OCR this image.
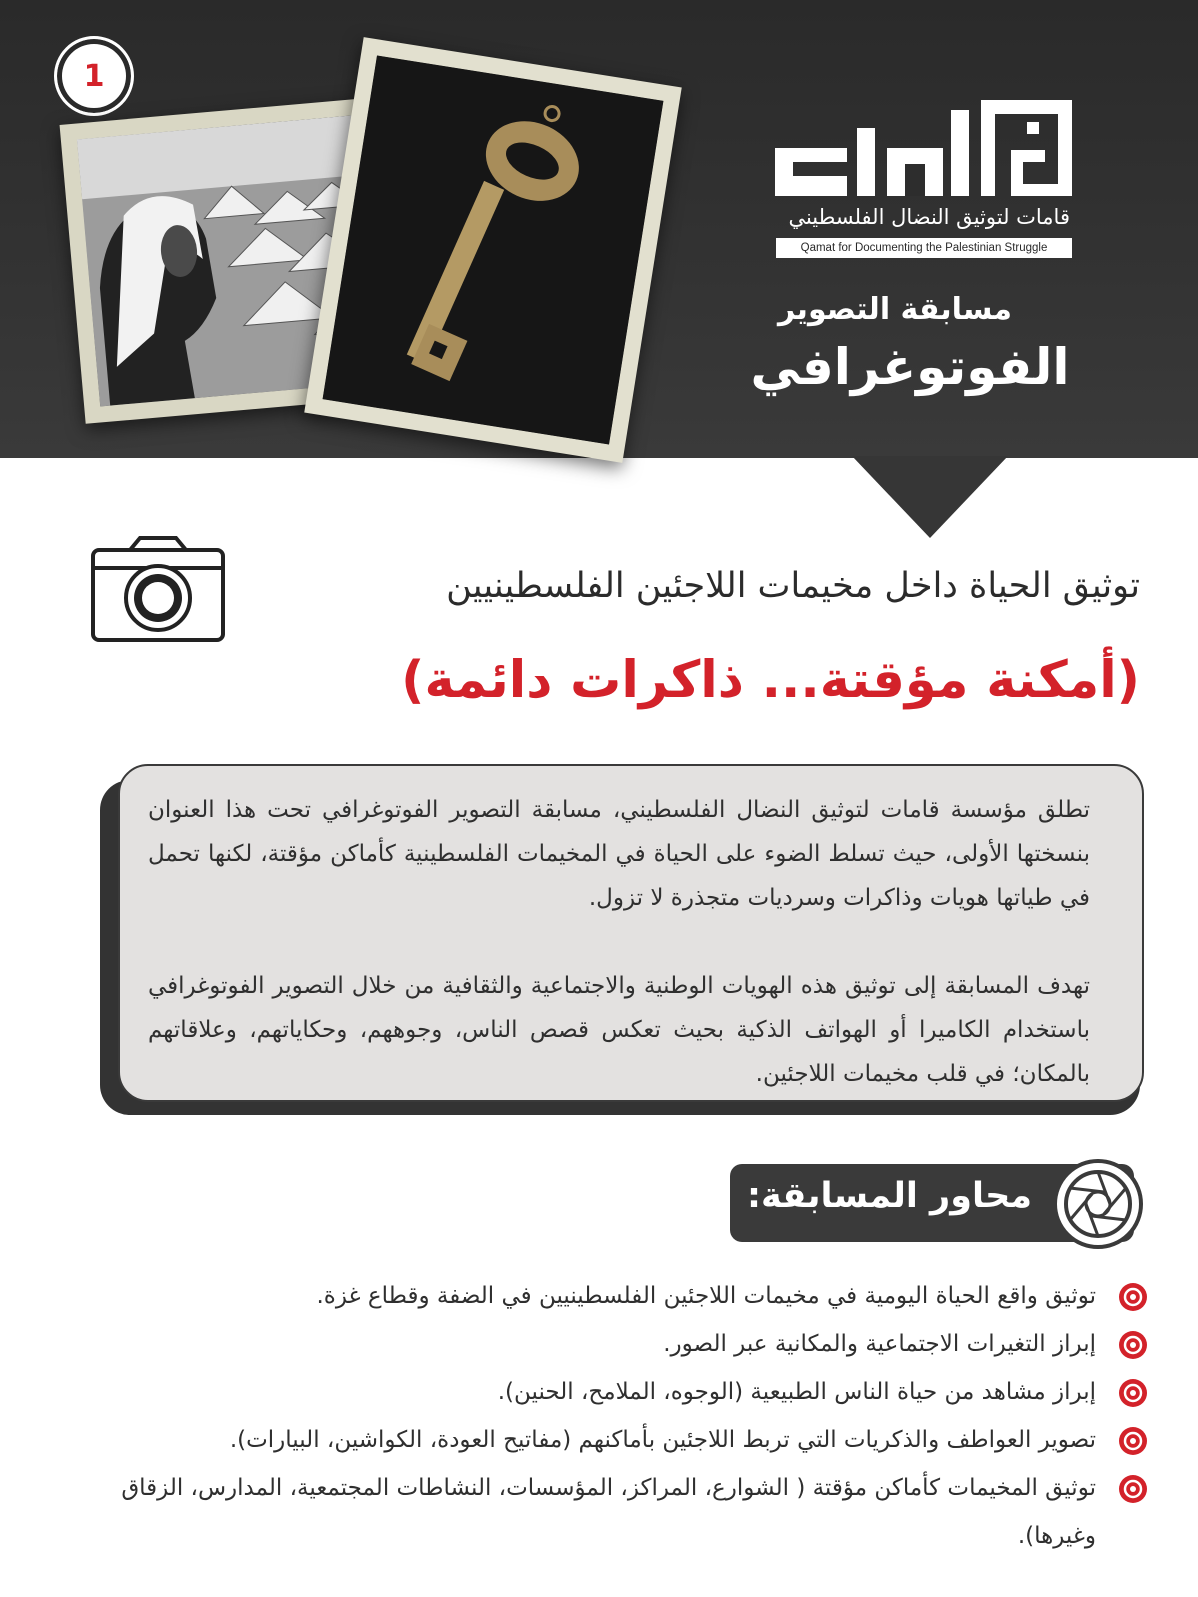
1
قامات لتوثيق النضال الفلسطيني
Qamat for Documenting the Palestinian Struggle
مسابقة التصوير
الفوتوغرافي
توثيق الحياة داخل مخيمات اللاجئين الفلسطينيين
(أمكنة مؤقتة... ذاكرات دائمة)

تطلق مؤسسة قامات لتوثيق النضال الفلسطيني، مسابقة التصوير الفوتوغرافي تحت هذا العنوان بنسختها الأولى، حيث تسلط الضوء على الحياة في المخيمات الفلسطينية كأماكن مؤقتة، لكنها تحمل في طياتها هويات وذاكرات وسرديات متجذرة لا تزول.

تهدف المسابقة إلى توثيق هذه الهويات الوطنية والاجتماعية والثقافية من خلال التصوير الفوتوغرافي باستخدام الكاميرا أو الهواتف الذكية بحيث تعكس قصص الناس، وجوههم، وحكاياتهم، وعلاقاتهم بالمكان؛ في قلب مخيمات اللاجئين.

محاور المسابقة:
توثيق واقع الحياة اليومية في مخيمات اللاجئين الفلسطينيين في الضفة وقطاع غزة.
إبراز التغيرات الاجتماعية والمكانية عبر الصور.
إبراز مشاهد من حياة الناس الطبيعية (الوجوه، الملامح، الحنين).
تصوير العواطف والذكريات التي تربط اللاجئين بأماكنهم (مفاتيح العودة، الكواشين، البيارات).
توثيق المخيمات كأماكن مؤقتة ( الشوارع، المراكز، المؤسسات، النشاطات المجتمعية، المدارس، الزقاق وغيرها).
